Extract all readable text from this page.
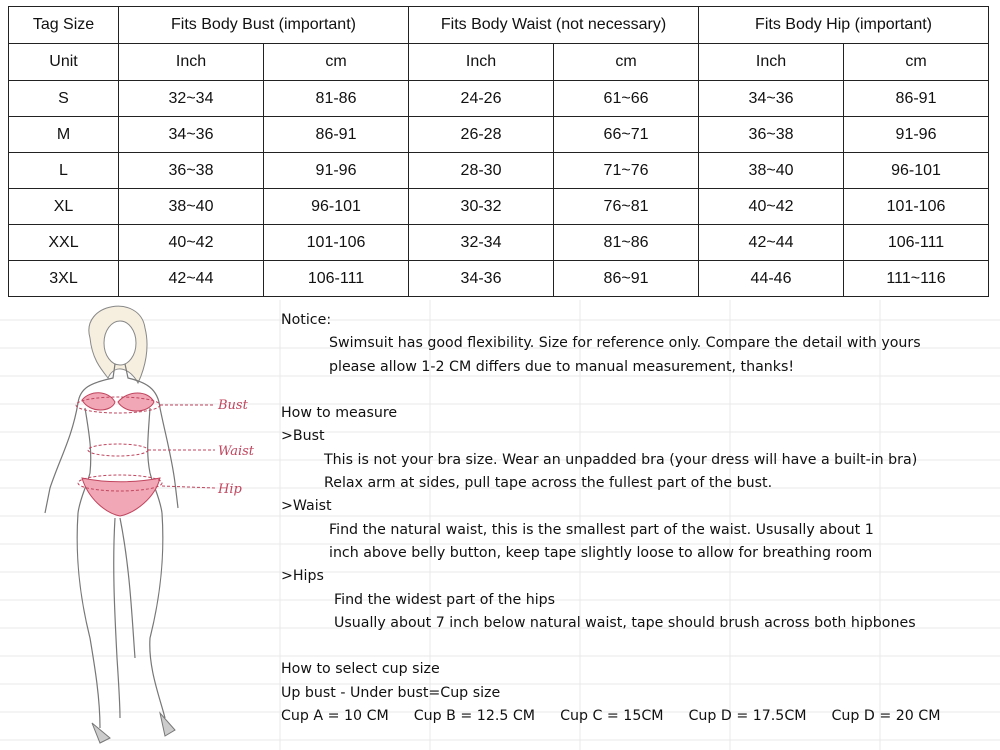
Tag Size	Fits Body Bust (important)		Fits Body Waist (not necessary)		Fits Body Hip (important)	
Unit	Inch	cm	Inch	cm	Inch	cm
S	32~34	81-86	24-26	61~66	34~36	86-91
M	34~36	86-91	26-28	66~71	36~38	91-96
L	36~38	91-96	28-30	71~76	38~40	96-101
XL	38~40	96-101	30-32	76~81	40~42	101-106
XXL	40~42	101-106	32-34	81~86	42~44	106-111
3XL	42~44	106-111	34-36	86~91	44-46	111~116
Bust
Waist
Hip
Notice:
Swimsuit has good flexibility. Size for reference only. Compare the detail with yours
please allow 1-2 CM differs due to manual measurement, thanks!
How to measure
>Bust
This is not your bra size. Wear an unpadded bra (your dress will have a built-in bra)
Relax arm at sides, pull tape across the fullest part of the bust.
>Waist
Find the natural waist, this is the smallest part of the waist. Ususally about 1
inch above belly button, keep tape slightly loose to allow for breathing room
>Hips
Find the widest part of the hips
Usually about 7 inch below natural waist, tape should brush across both hipbones
How to select cup size
Up bust - Under bust=Cup size
Cup A = 10 CM Cup B = 12.5 CM Cup C = 15CM Cup D = 17.5CM Cup D = 20 CM
